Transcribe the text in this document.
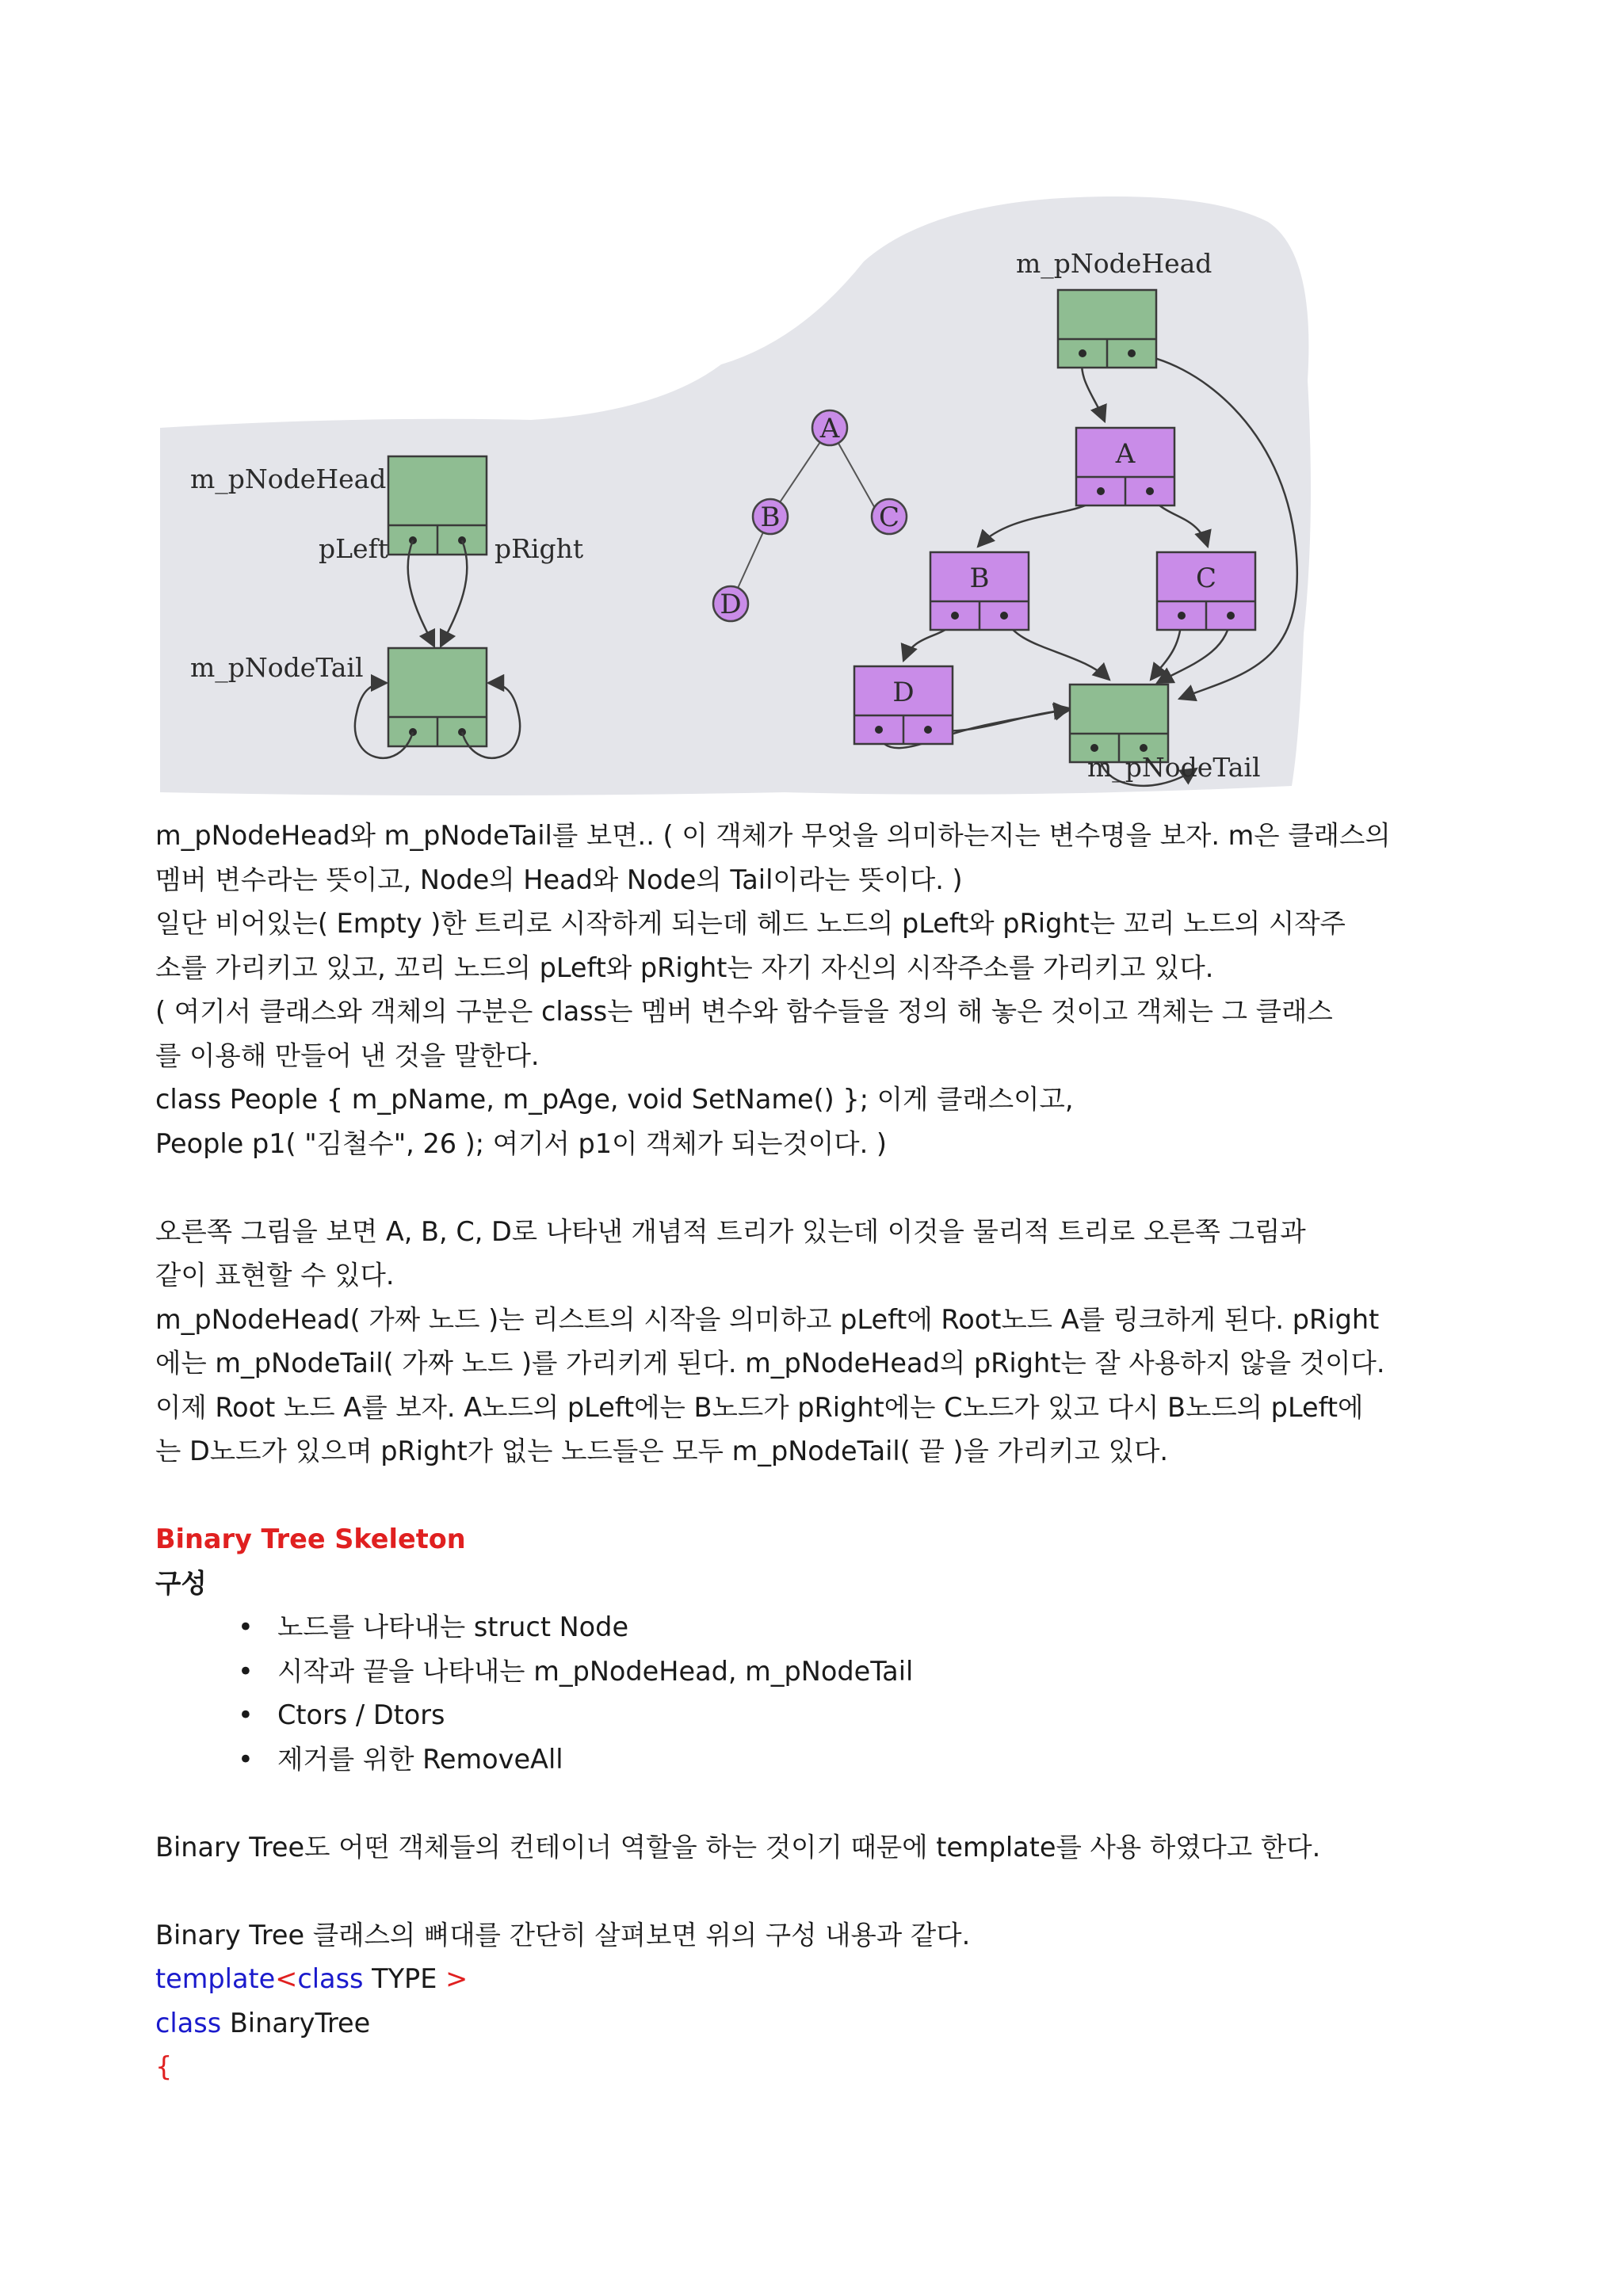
m_pNodeHead
m_pNodeTail
pLeft	pRight
A
B	C
D
m_pNodeHead
A
B	C
D
m_pNodeTail
m_pNodeHead와 m_pNodeTail를 보면.. ( 이 객체가 무엇을 의미하는지는 변수명을 보자. m은 클래스의
멤버 변수라는 뜻이고, Node의 Head와 Node의 Tail이라는 뜻이다. )
일단 비어있는( Empty )한 트리로 시작하게 되는데 헤드 노드의 pLeft와 pRight는 꼬리 노드의 시작주
소를 가리키고 있고, 꼬리 노드의 pLeft와 pRight는 자기 자신의 시작주소를 가리키고 있다.
( 여기서 클래스와 객체의 구분은 class는 멤버 변수와 함수들을 정의 해 놓은 것이고 객체는 그 클래스
를 이용해 만들어 낸 것을 말한다.
class People { m_pName, m_pAge, void SetName() }; 이게 클래스이고,
People p1( "김철수", 26 ); 여기서 p1이 객체가 되는것이다. )
오른쪽 그림을 보면 A, B, C, D로 나타낸 개념적 트리가 있는데 이것을 물리적 트리로 오른쪽 그림과
같이 표현할 수 있다.
m_pNodeHead( 가짜 노드 )는 리스트의 시작을 의미하고 pLeft에 Root노드 A를 링크하게 된다. pRight
에는 m_pNodeTail( 가짜 노드 )를 가리키게 된다. m_pNodeHead의 pRight는 잘 사용하지 않을 것이다.
이제 Root 노드 A를 보자. A노드의 pLeft에는 B노드가 pRight에는 C노드가 있고 다시 B노드의 pLeft에
는 D노드가 있으며 pRight가 없는 노드들은 모두 m_pNodeTail( 끝 )을 가리키고 있다.
Binary Tree Skeleton
구성
• 노드를 나타내는 struct Node
• 시작과 끝을 나타내는 m_pNodeHead, m_pNodeTail
• Ctors / Dtors
• 제거를 위한 RemoveAll
Binary Tree도 어떤 객체들의 컨테이너 역할을 하는 것이기 때문에 template를 사용 하였다고 한다.
Binary Tree 클래스의 뼈대를 간단히 살펴보면 위의 구성 내용과 같다.
template<class TYPE >
class BinaryTree
{
